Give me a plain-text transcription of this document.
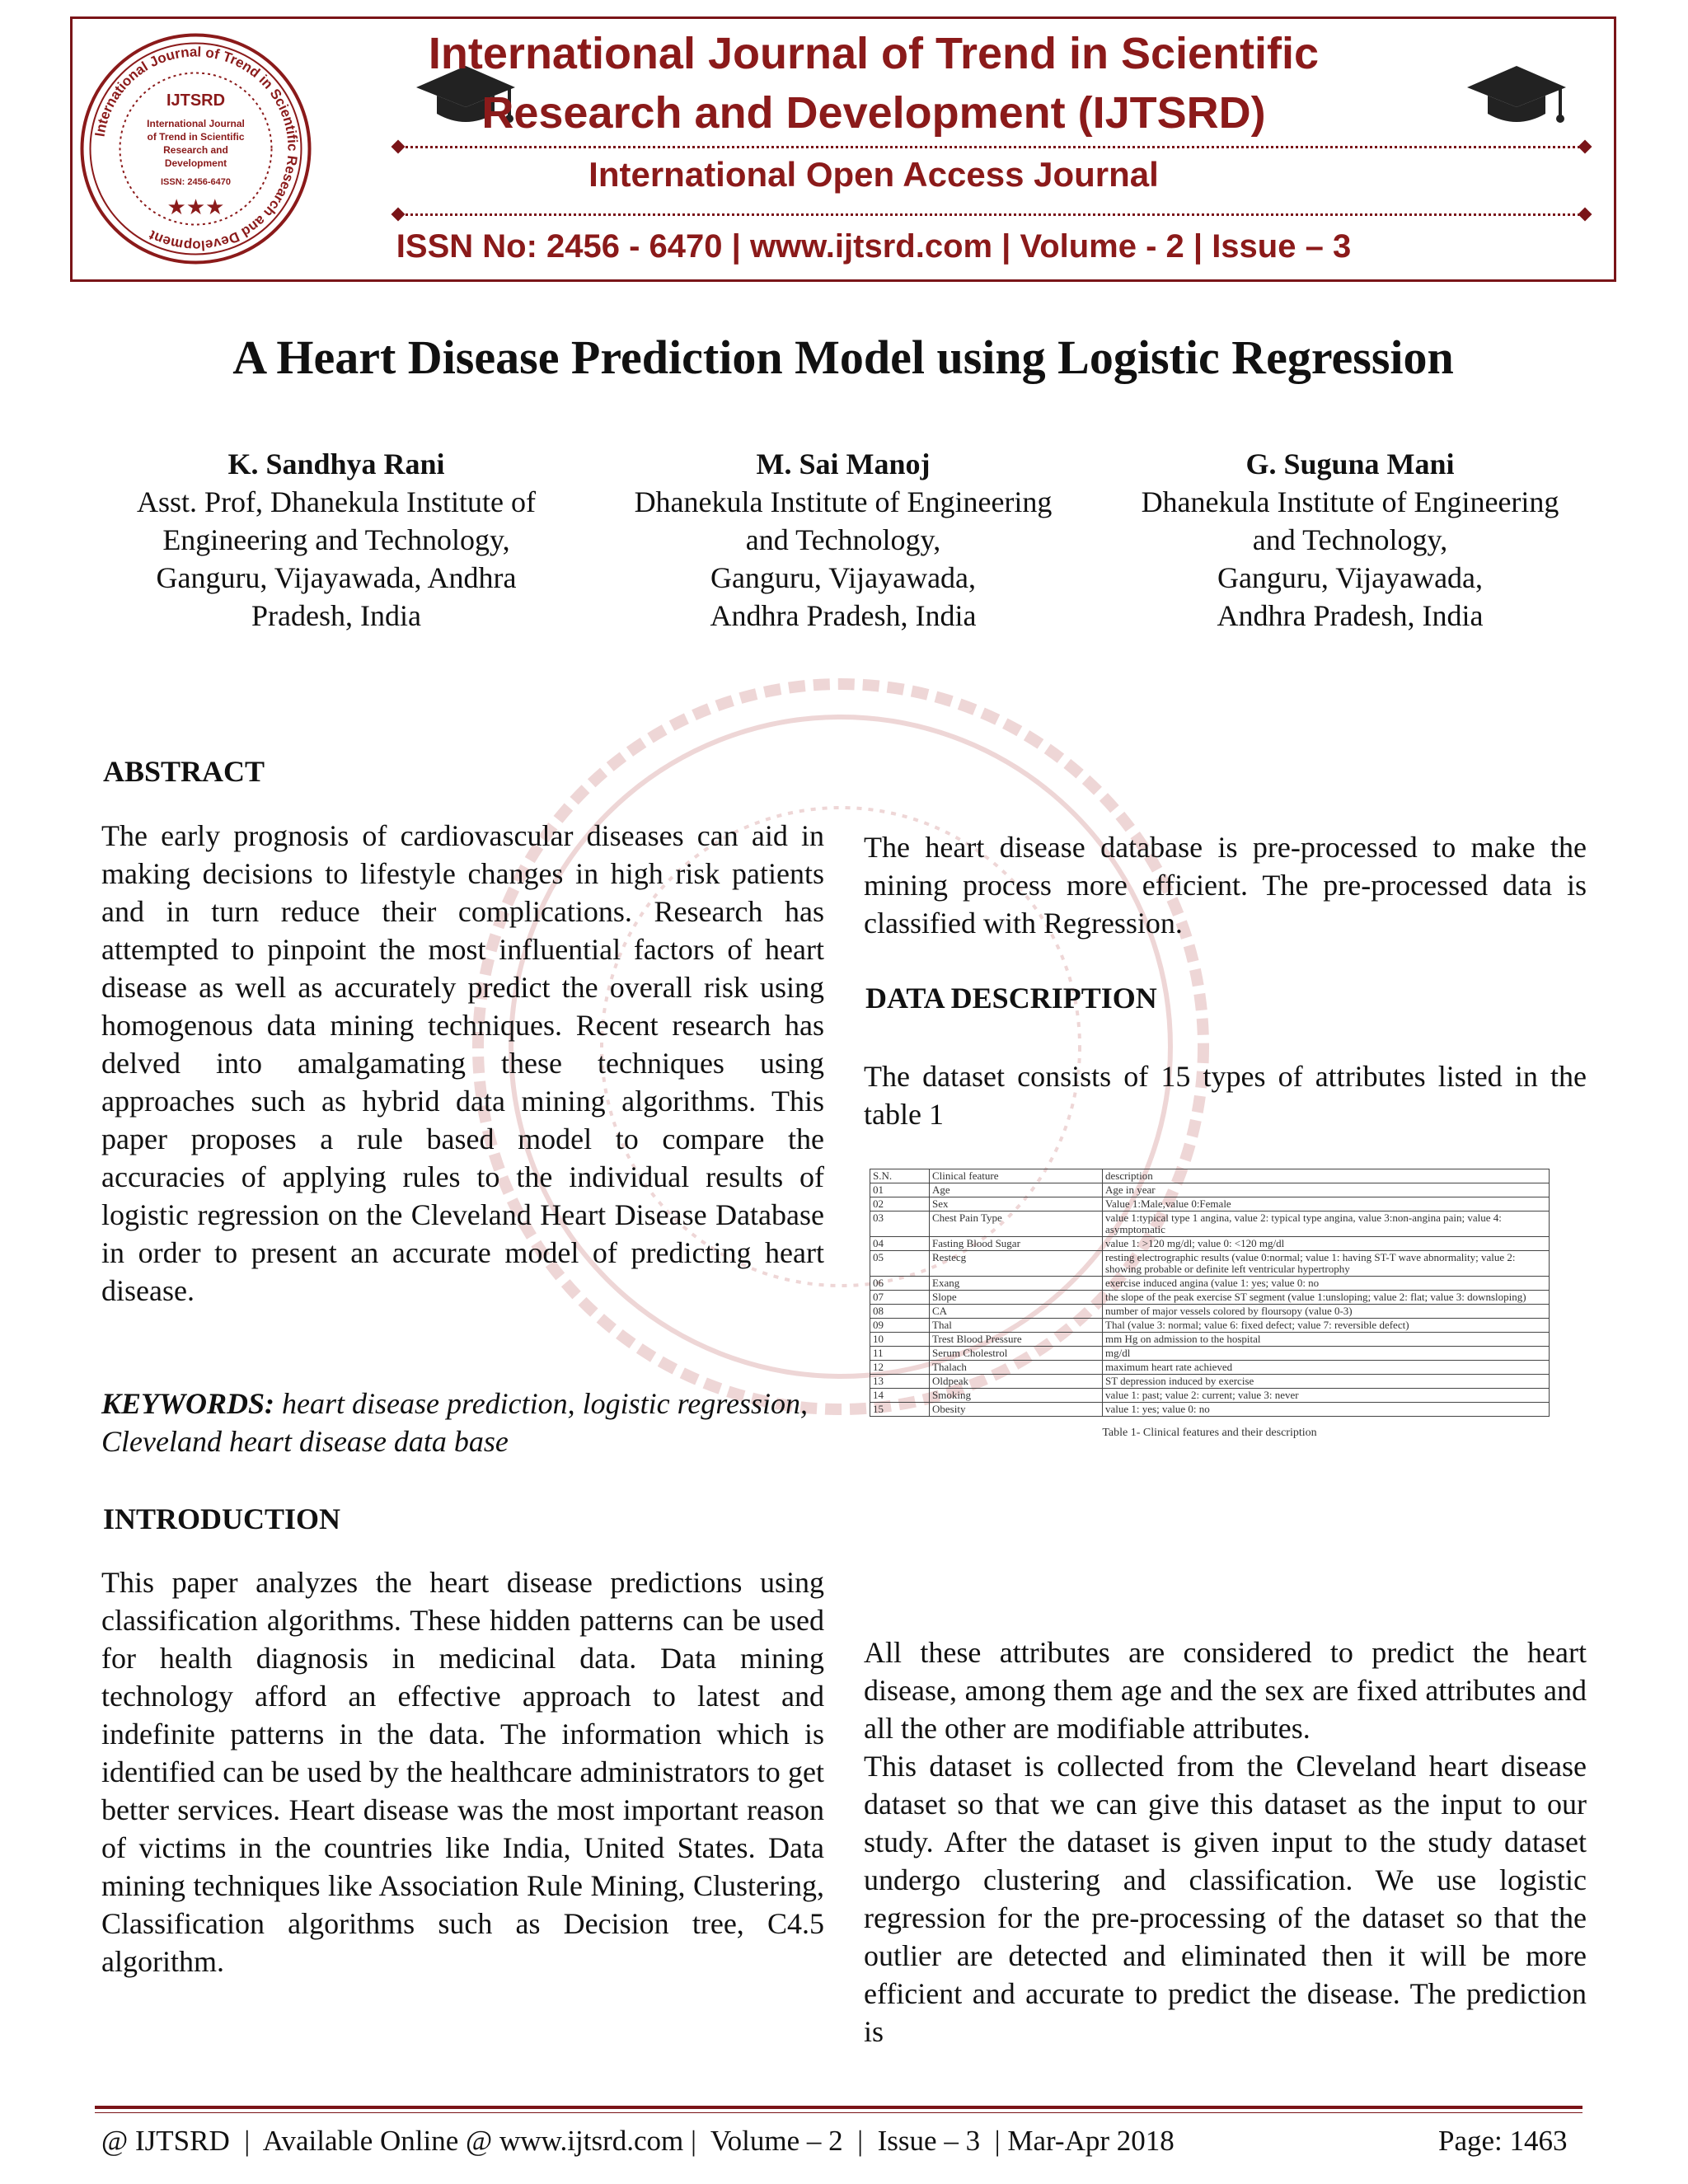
International Journal of Trend in Scientific Research and Development
IJTSRD
International Journal
of Trend in Scientific
Research and
Development
ISSN: 2456-6470
★★★
International Journal of Trend in Scientific
Research and Development (IJTSRD)
International Open Access Journal
ISSN No: 2456 - 6470 | www.ijtsrd.com | Volume - 2 | Issue – 3
A Heart Disease Prediction Model using Logistic Regression
K. Sandhya Rani
Asst. Prof, Dhanekula Institute of
Engineering and Technology,
Ganguru, Vijayawada, Andhra
Pradesh, India
M. Sai Manoj
Dhanekula Institute of Engineering
and Technology,
Ganguru, Vijayawada,
Andhra Pradesh, India
G. Suguna Mani
Dhanekula Institute of Engineering
and Technology,
Ganguru, Vijayawada,
Andhra Pradesh, India
ABSTRACT

The early prognosis of cardiovascular diseases can aid in making decisions to lifestyle changes in high risk patients and in turn reduce their complications. Research has attempted to pinpoint the most influential factors of heart disease as well as accurately predict the overall risk using homogenous data mining techniques. Recent research has delved into amalgamating these techniques using approaches such as hybrid data mining algorithms. This paper proposes a rule based model to compare the accuracies of applying rules to the individual results of logistic regression on the Cleveland Heart Disease Database in order to present an accurate model of predicting heart disease.

KEYWORDS: heart disease prediction, logistic regression, Cleveland heart disease data base
INTRODUCTION

This paper analyzes the heart disease predictions using classification algorithms. These hidden patterns can be used for health diagnosis in medicinal data. Data mining technology afford an effective approach to latest and indefinite patterns in the data. The information which is identified can be used by the healthcare administrators to get better services. Heart disease was the most important reason of victims in the countries like India, United States. Data mining techniques like Association Rule Mining, Clustering, Classification algorithms such as Decision tree, C4.5 algorithm.

The heart disease database is pre-processed to make the mining process more efficient. The pre-processed data is classified with Regression.

DATA DESCRIPTION

The dataset consists of 15 types of attributes listed in the table 1

S.N.	Clinical feature	description
01	Age	Age in year
02	Sex	Value 1:Male,value 0:Female
03	Chest Pain Type	value 1:typical type 1 angina, value 2: typical type angina, value 3:non-angina pain; value 4: asymptomatic
04	Fasting Blood Sugar	value 1: >120 mg/dl; value 0: <120 mg/dl
05	Restecg	resting electrographic results (value 0:normal; value 1: having ST-T wave abnormality; value 2: showing probable or definite left ventricular hypertrophy
06	Exang	exercise induced angina (value 1: yes; value 0: no
07	Slope	the slope of the peak exercise ST segment (value 1:unsloping; value 2: flat; value 3: downsloping)
08	CA	number of major vessels colored by floursopy (value 0-3)
09	Thal	Thal (value 3: normal; value 6: fixed defect; value 7: reversible defect)
10	Trest Blood Pressure	mm Hg on admission to the hospital
11	Serum Cholestrol	mg/dl
12	Thalach	maximum heart rate achieved
13	Oldpeak	ST depression induced by exercise
14	Smoking	value 1: past; value 2: current; value 3: never
15	Obesity	value 1: yes; value 0: no
Table 1- Clinical features and their description

All these attributes are considered to predict the heart disease, among them age and the sex are fixed attributes and all the other are modifiable attributes.

This dataset is collected from the Cleveland heart disease dataset so that we can give this dataset as the input to our study. After the dataset is given input to the study dataset undergo clustering and classification. We use logistic regression for the pre-processing of the dataset so that the outlier are detected and eliminated then it will be more efficient and accurate to predict the disease. The prediction is

@ IJTSRD  |  Available Online @ www.ijtsrd.com |  Volume – 2  |  Issue – 3  | Mar-Apr 2018	Page: 1463
